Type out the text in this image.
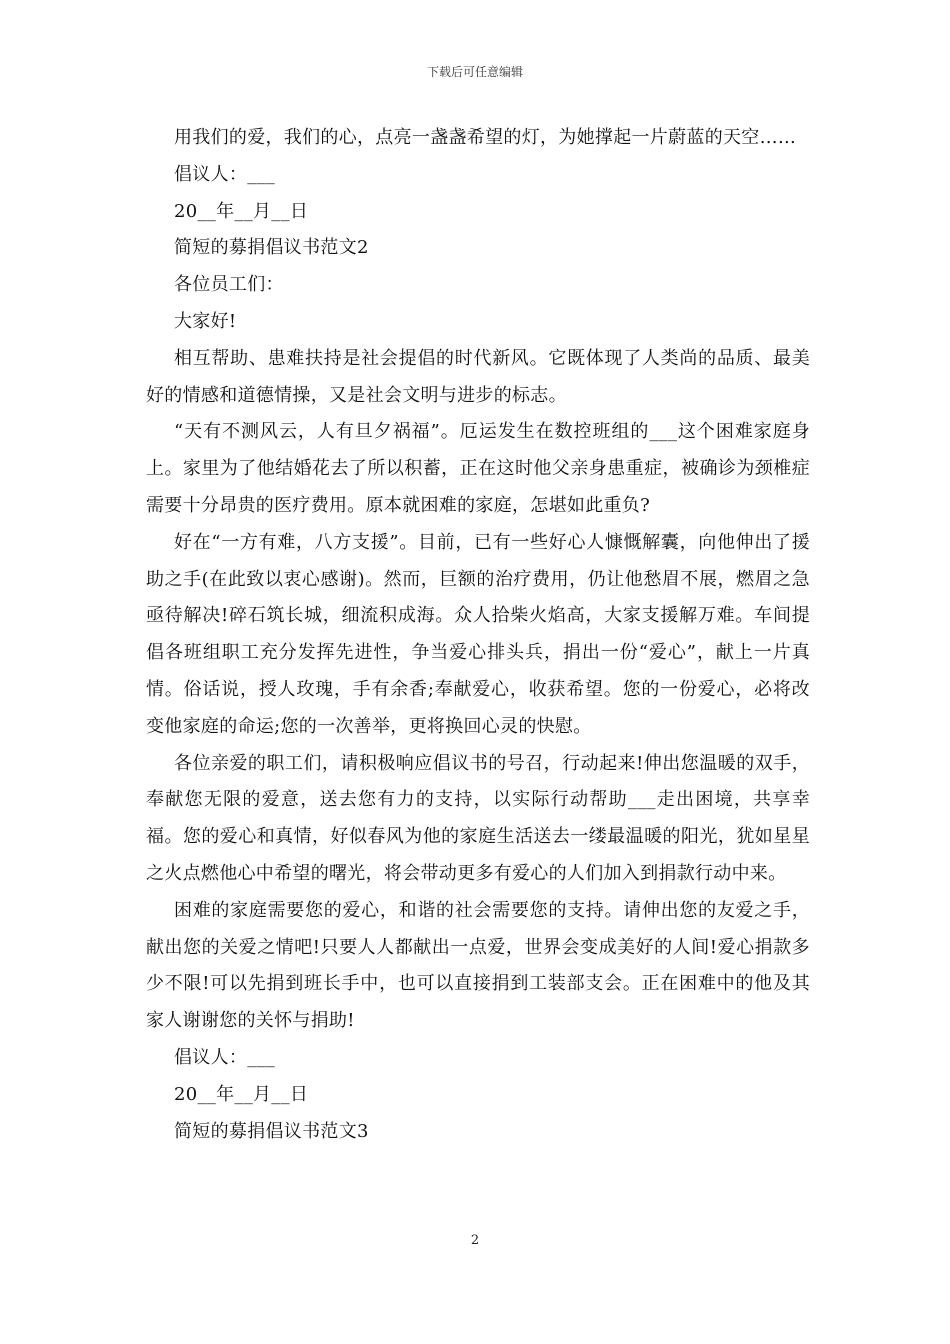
下载后可任意编辑

用我们的爱，我们的心，点亮一盏盏希望的灯，为她撑起一片蔚蓝的天空……

倡议人：___

20__年__月__日

简短的募捐倡议书范文2

各位员工们：

大家好!

相互帮助、患难扶持是社会提倡的时代新风。它既体现了人类尚的品质、最美好的情感和道德情操，又是社会文明与进步的标志。

“天有不测风云，人有旦夕祸福”。厄运发生在数控班组的___这个困难家庭身上。家里为了他结婚花去了所以积蓄，正在这时他父亲身患重症，被确诊为颈椎症需要十分昂贵的医疗费用。原本就困难的家庭，怎堪如此重负?

好在“一方有难，八方支援”。目前，已有一些好心人慷慨解囊，向他伸出了援助之手(在此致以衷心感谢)。然而，巨额的治疗费用，仍让他愁眉不展，燃眉之急亟待解决!碎石筑长城，细流积成海。众人拾柴火焰高，大家支援解万难。车间提倡各班组职工充分发挥先进性，争当爱心排头兵，捐出一份“爱心”，献上一片真情。俗话说，授人玫瑰，手有余香;奉献爱心，收获希望。您的一份爱心，必将改变他家庭的命运;您的一次善举，更将换回心灵的快慰。

各位亲爱的职工们，请积极响应倡议书的号召，行动起来!伸出您温暖的双手，奉献您无限的爱意，送去您有力的支持，以实际行动帮助___走出困境，共享幸福。您的爱心和真情，好似春风为他的家庭生活送去一缕最温暖的阳光，犹如星星之火点燃他心中希望的曙光，将会带动更多有爱心的人们加入到捐款行动中来。

困难的家庭需要您的爱心，和谐的社会需要您的支持。请伸出您的友爱之手，献出您的关爱之情吧!只要人人都献出一点爱，世界会变成美好的人间!爱心捐款多少不限!可以先捐到班长手中，也可以直接捐到工装部支会。正在困难中的他及其家人谢谢您的关怀与捐助!

倡议人：___

20__年__月__日

简短的募捐倡议书范文3

2
